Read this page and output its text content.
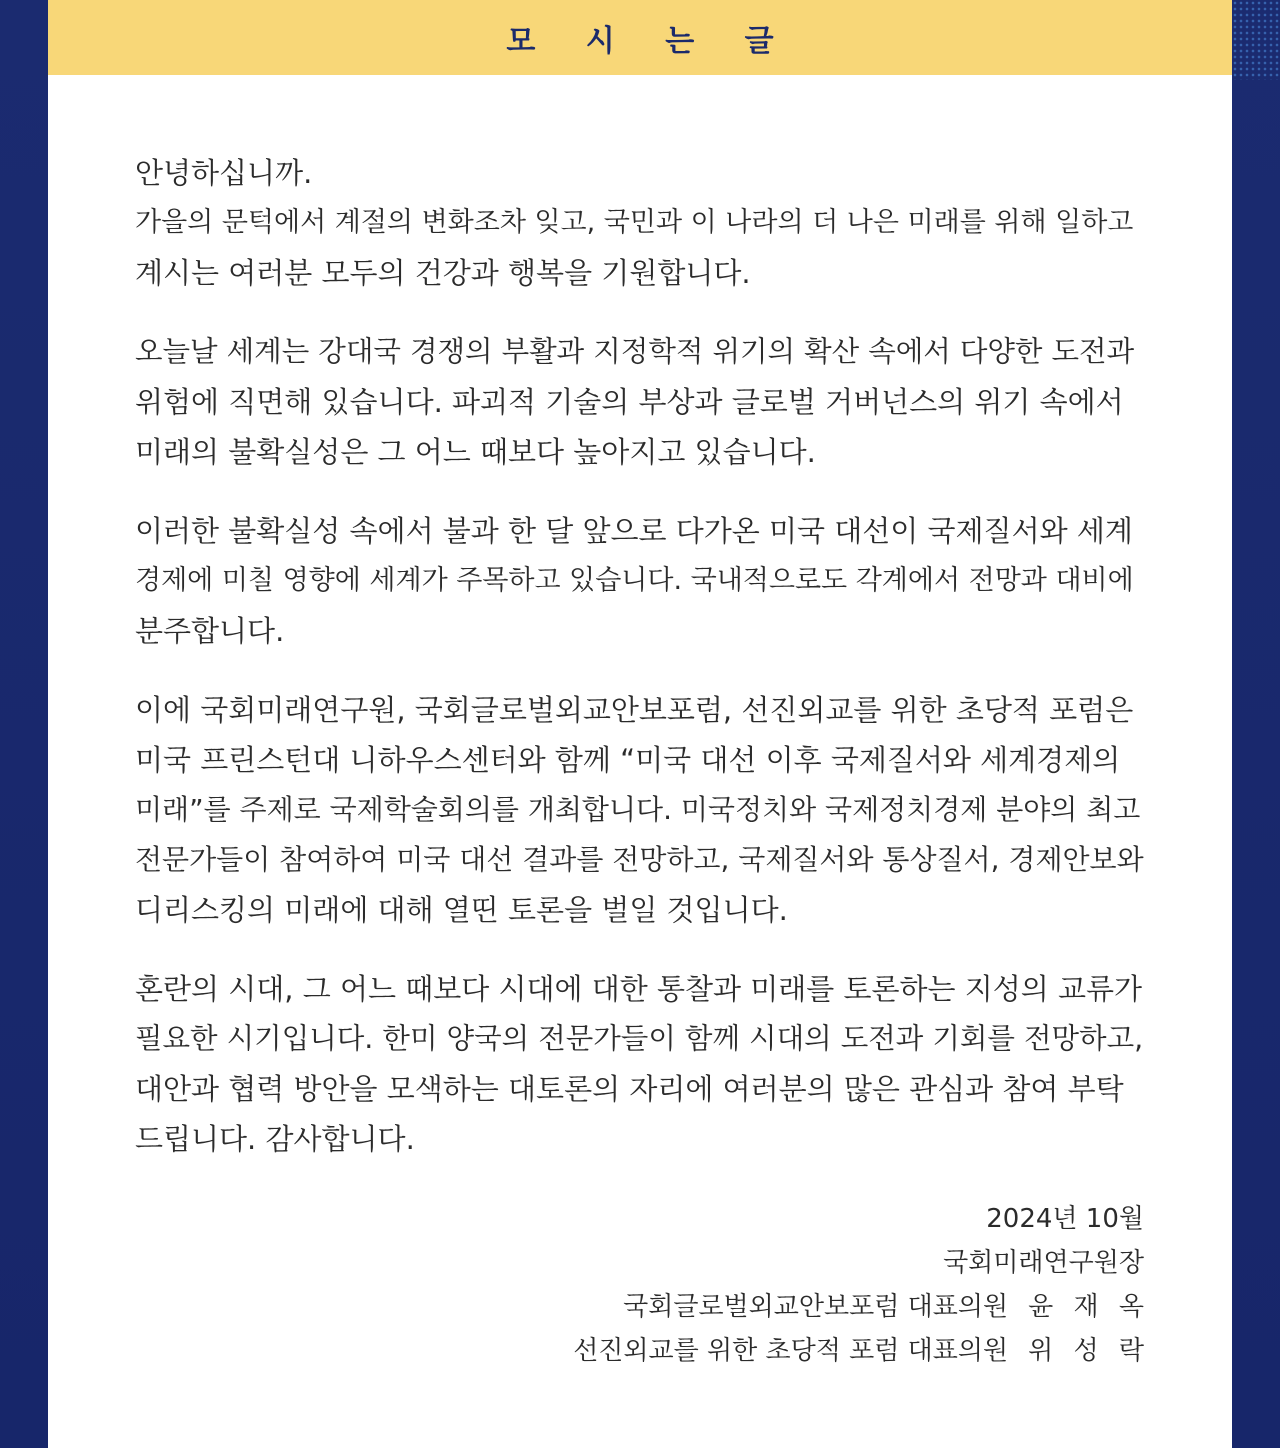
모 시 는 글

안녕하십니까.
가을의 문턱에서 계절의 변화조차 잊고, 국민과 이 나라의 더 나은 미래를 위해 일하고
계시는 여러분 모두의 건강과 행복을 기원합니다.

오늘날 세계는 강대국 경쟁의 부활과 지정학적 위기의 확산 속에서 다양한 도전과
위험에 직면해 있습니다. 파괴적 기술의 부상과 글로벌 거버넌스의 위기 속에서
미래의 불확실성은 그 어느 때보다 높아지고 있습니다.

이러한 불확실성 속에서 불과 한 달 앞으로 다가온 미국 대선이 국제질서와 세계
경제에 미칠 영향에 세계가 주목하고 있습니다. 국내적으로도 각계에서 전망과 대비에
분주합니다.

이에 국회미래연구원, 국회글로벌외교안보포럼, 선진외교를 위한 초당적 포럼은
미국 프린스턴대 니하우스센터와 함께 “미국 대선 이후 국제질서와 세계경제의
미래”를 주제로 국제학술회의를 개최합니다. 미국정치와 국제정치경제 분야의 최고
전문가들이 참여하여 미국 대선 결과를 전망하고, 국제질서와 통상질서, 경제안보와
디리스킹의 미래에 대해 열띤 토론을 벌일 것입니다.

혼란의 시대, 그 어느 때보다 시대에 대한 통찰과 미래를 토론하는 지성의 교류가
필요한 시기입니다. 한미 양국의 전문가들이 함께 시대의 도전과 기회를 전망하고,
대안과 협력 방안을 모색하는 대토론의 자리에 여러분의 많은 관심과 참여 부탁
드립니다. 감사합니다.

2024년 10월
국회미래연구원장
국회글로벌외교안보포럼 대표의원 윤 재 옥
선진외교를 위한 초당적 포럼 대표의원 위 성 락
